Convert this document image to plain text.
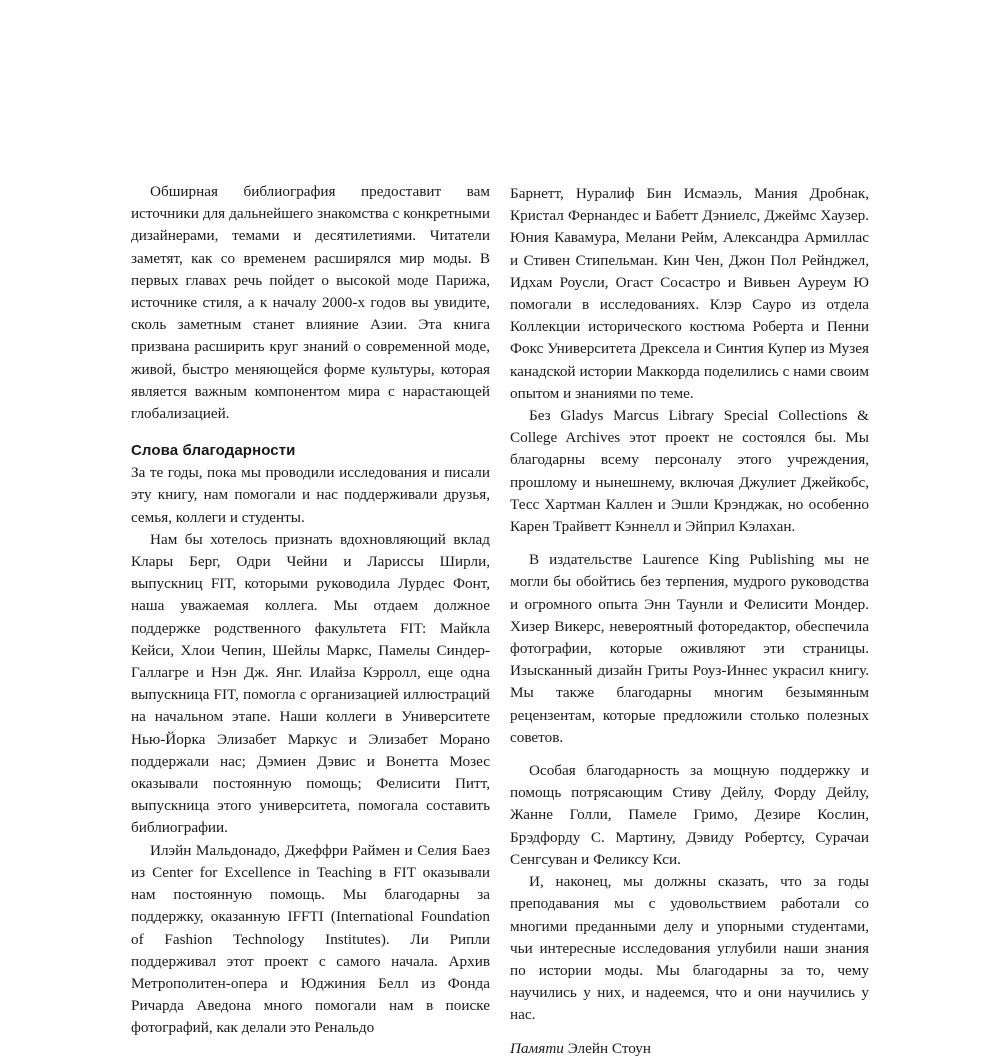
Обширная библиография предоставит вам источники для дальнейшего знакомства с конкретными дизайнерами, темами и десятилетиями. Читатели заметят, как со временем расширялся мир моды. В первых главах речь пойдет о высокой моде Парижа, источнике стиля, а к началу 2000-х годов вы увидите, сколь заметным станет влияние Азии. Эта книга призвана расширить круг знаний о современной моде, живой, быстро меняющейся форме культуры, которая является важным компонентом мира с нарастающей глобализацией.

Слова благодарности

За те годы, пока мы проводили исследования и писали эту книгу, нам помогали и нас поддерживали друзья, семья, коллеги и студенты.

Нам бы хотелось признать вдохновляющий вклад Клары Берг, Одри Чейни и Ларисcы Ширли, выпускниц FIT, которыми руководила Лурдес Фонт, наша уважаемая коллега. Мы отдаем должное поддержке родственного факультета FIT: Майкла Кейси, Хлои Чепин, Шейлы Маркс, Памелы Синдер-Галлагре и Нэн Дж. Янг. Илайза Кэрролл, еще одна выпускница FIT, помогла с организацией иллюстраций на начальном этапе. Наши коллеги в Университете Нью-Йорка Элизабет Маркус и Элизабет Морано поддержали нас; Дэмиен Дэвис и Вонетта Мозес оказывали постоянную помощь; Фелисити Питт, выпускница этого университета, помогала составить библиографии.

Илэйн Мальдонадо, Джеффри Раймен и Селия Баез из Center for Excellence in Teaching в FIT оказывали нам постоянную помощь. Мы благодарны за поддержку, оказанную IFFTI (International Foundation of Fashion Technology Institutes). Ли Рипли поддерживал этот проект с самого начала. Архив Метрополитен-опера и Юджиния Белл из Фонда Ричарда Аведона много помогали нам в поиске фотографий, как делали это Ренальдо

Барнетт, Нуралиф Бин Исмаэль, Мания Дробнак, Кристал Фернандес и Бабетт Дэниелс, Джеймс Хаузер. Юния Кавамура, Мелани Рейм, Александра Армиллас и Стивен Стипельман. Кин Чен, Джон Пол Рейнджел, Идхам Роусли, Огаст Сосастро и Вивьен Ауреум Ю помогали в исследованиях. Клэр Сауро из отдела Коллекции исторического костюма Роберта и Пенни Фокс Университета Дрексела и Синтия Купер из Музея канадской истории Маккорда поделились с нами своим опытом и знаниями по теме.

Без Gladys Marcus Library Special Collections & College Archives этот проект не состоялся бы. Мы благодарны всему персоналу этого учреждения, прошлому и нынешнему, включая Джулиет Джейкобс, Тесс Хартман Каллен и Эшли Крэнджак, но особенно Карен Трайветт Кэннелл и Эйприл Кэлахан.

В издательстве Laurence King Publishing мы не могли бы обойтись без терпения, мудрого руководства и огромного опыта Энн Таунли и Фелисити Мондер. Хизер Викерс, невероятный фоторедактор, обеспечила фотографии, которые оживляют эти страницы. Изысканный дизайн Гриты Роуз-Иннес украсил книгу. Мы также благодарны многим безымянным рецензентам, которые предложили столько полезных советов.

Особая благодарность за мощную поддержку и помощь потрясающим Стиву Дейлу, Форду Дейлу, Жанне Голли, Памеле Гримо, Дезире Кослин, Брэдфорду С. Мартину, Дэвиду Робертсу, Сурачаи Сенгсуван и Феликсу Кси.

И, наконец, мы должны сказать, что за годы преподавания мы с удовольствием работали со многими преданными делу и упорными студентами, чьи интересные исследования углубили наши знания по истории моды. Мы благодарны за то, чему научились у них, и надеемся, что и они научились у нас.

Памяти Элейн Стоун
